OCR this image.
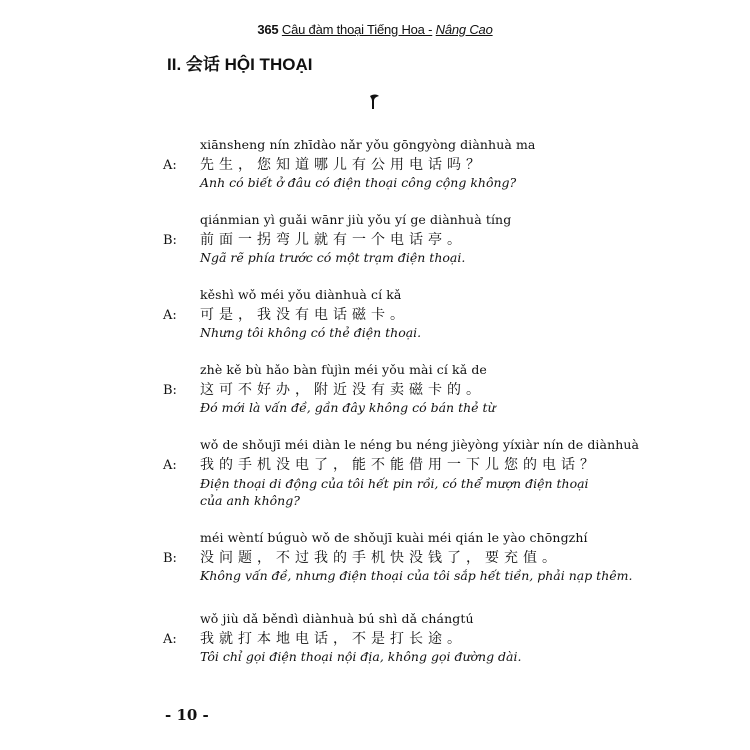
365 Câu đàm thoại Tiếng Hoa - Nâng Cao
II. 会话 HỘI THOẠI
xiānsheng nín zhīdào nǎr yǒu gōngyòng diànhuà ma
A: 先生，您知道哪儿有公用电话吗？
Anh có biết ở đâu có điện thoại công cộng không?
qiánmian yì guǎi wānr jiù yǒu yí ge diànhuà tíng
B: 前面一拐弯儿就有一个电话亭。
Ngã rẽ phía trước có một trạm điện thoại.
kěshì wǒ méi yǒu diànhuà cí kǎ
A: 可是，我没有电话磁卡。
Nhưng tôi không có thẻ điện thoại.
zhè kě bù hǎo bàn fùjìn méi yǒu mài cí kǎ de
B: 这可不好办，附近没有卖磁卡的。
Đó mới là vấn đề, gần đây không có bán thẻ từ
wǒ de shǒujī méi diàn le néng bu néng jièyòng yíxiàr nín de diànhuà
A: 我的手机没电了，能不能借用一下儿您的电话？
Điện thoại di động của tôi hết pin rồi, có thể mượn điện thoại của anh không?
méi wèntí búguò wǒ de shǒujī kuài méi qián le yào chōngzhí
B: 没问题，不过我的手机快没钱了，要充值。
Không vấn đề, nhưng điện thoại của tôi sắp hết tiền, phải nạp thêm.
wǒ jiù dǎ běndì diànhuà bú shì dǎ chángtú
A: 我就打本地电话，不是打长途。
Tôi chỉ gọi điện thoại nội địa, không gọi đường dài.
- 10 -
